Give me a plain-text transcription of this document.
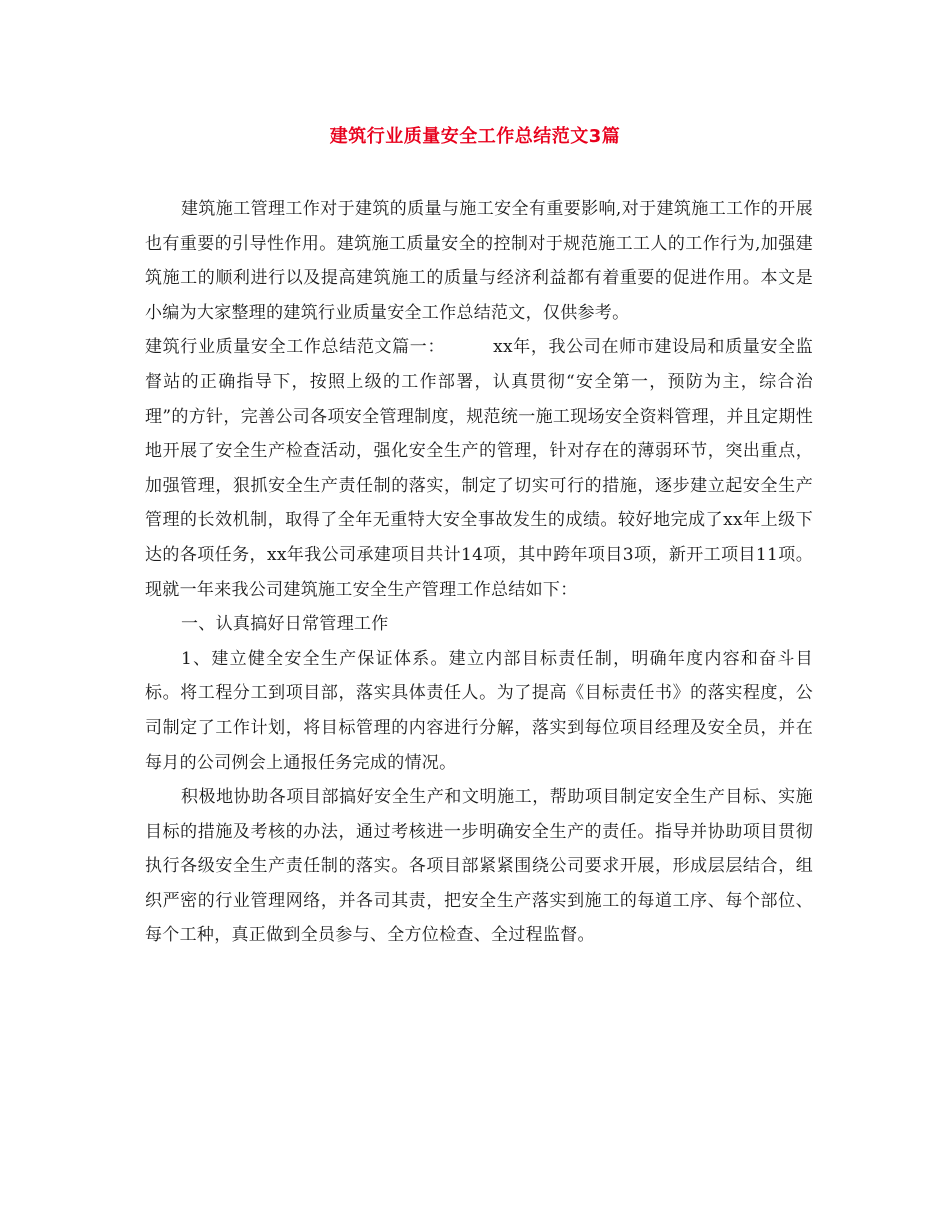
建筑行业质量安全工作总结范文3篇

建筑施工管理工作对于建筑的质量与施工安全有重要影响,对于建筑施工工作的开展也有重要的引导性作用。建筑施工质量安全的控制对于规范施工工人的工作行为,加强建筑施工的顺利进行以及提高建筑施工的质量与经济利益都有着重要的促进作用。本文是小编为大家整理的建筑行业质量安全工作总结范文，仅供参考。

建筑行业质量安全工作总结范文篇一：	xx年，我公司在师市建设局和质量安全监督站的正确指导下，按照上级的工作部署，认真贯彻“安全第一，预防为主，综合治理”的方针，完善公司各项安全管理制度，规范统一施工现场安全资料管理，并且定期性地开展了安全生产检查活动，强化安全生产的管理，针对存在的薄弱环节，突出重点，加强管理，狠抓安全生产责任制的落实，制定了切实可行的措施，逐步建立起安全生产管理的长效机制，取得了全年无重特大安全事故发生的成绩。较好地完成了xx年上级下达的各项任务，xx年我公司承建项目共计14项，其中跨年项目3项，新开工项目11项。现就一年来我公司建筑施工安全生产管理工作总结如下：

一、认真搞好日常管理工作

1、建立健全安全生产保证体系。建立内部目标责任制，明确年度内容和奋斗目标。将工程分工到项目部，落实具体责任人。为了提高《目标责任书》的落实程度，公司制定了工作计划，将目标管理的内容进行分解，落实到每位项目经理及安全员，并在每月的公司例会上通报任务完成的情况。

积极地协助各项目部搞好安全生产和文明施工，帮助项目制定安全生产目标、实施目标的措施及考核的办法，通过考核进一步明确安全生产的责任。指导并协助项目贯彻执行各级安全生产责任制的落实。各项目部紧紧围绕公司要求开展，形成层层结合，组织严密的行业管理网络，并各司其责，把安全生产落实到施工的每道工序、每个部位、每个工种，真正做到全员参与、全方位检查、全过程监督。
